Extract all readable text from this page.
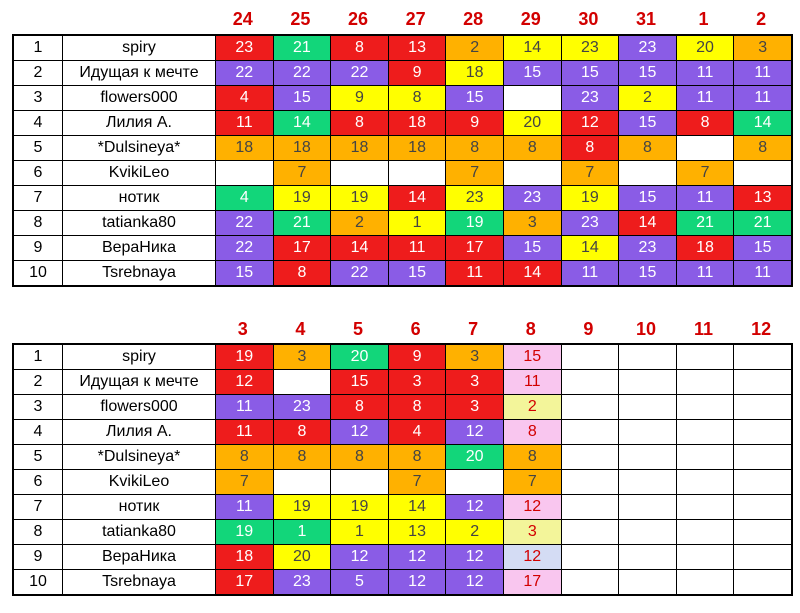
24	25	26	27	28	29	30	31	1	2
1	spiry	23	21	8	13	2	14	23	23	20	3
2	Идущая к мечте	22	22	22	9	18	15	15	15	11	11
3	flowers000	4	15	9	8	15		23	2	11	11
4	Лилия А.	11	14	8	18	9	20	12	15	8	14
5	*Dulsineya*	18	18	18	18	8	8	8	8		8
6	KvikiLeo		7			7		7		7	
7	нотик	4	19	19	14	23	23	19	15	11	13
8	tatianka80	22	21	2	1	19	3	23	14	21	21
9	ВераНика	22	17	14	11	17	15	14	23	18	15
10	Tsrebnaya	15	8	22	15	11	14	11	15	11	11
3	4	5	6	7	8	9	10	11	12
1	spiry	19	3	20	9	3	15				
2	Идущая к мечте	12		15	3	3	11				
3	flowers000	11	23	8	8	3	2				
4	Лилия А.	11	8	12	4	12	8				
5	*Dulsineya*	8	8	8	8	20	8				
6	KvikiLeo	7			7		7				
7	нотик	11	19	19	14	12	12				
8	tatianka80	19	1	1	13	2	3				
9	ВераНика	18	20	12	12	12	12				
10	Tsrebnaya	17	23	5	12	12	17				
